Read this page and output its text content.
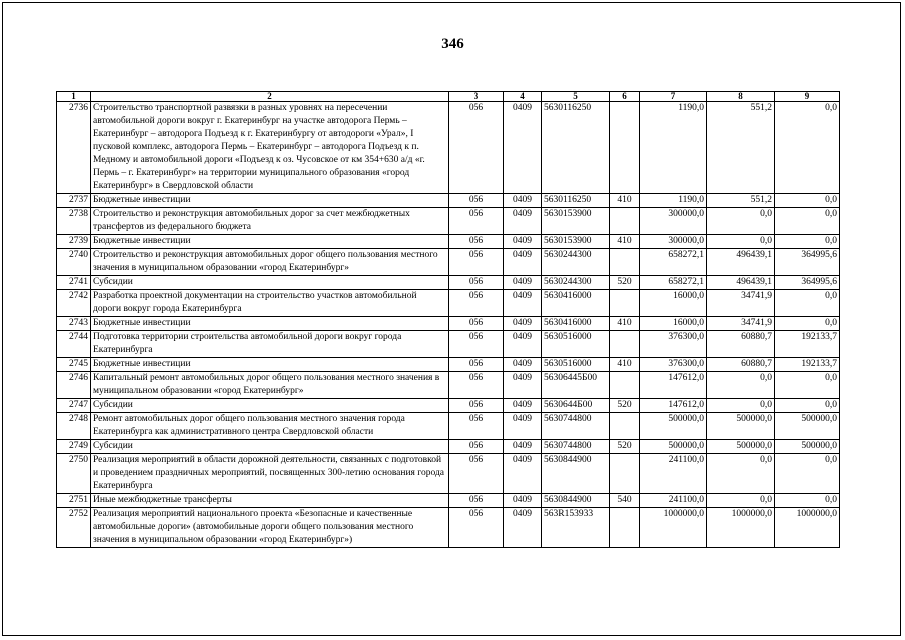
346
1	2	3	4	5	6	7	8	9
2736	Строительство транспортной развязки в разных уровнях на пересечении автомобильной дороги вокруг г. Екатеринбург на участке автодорога Пермь – Екатеринбург – автодорога Подъезд к г. Екатеринбургу от автодороги «Урал», I пусковой комплекс, автодорога Пермь – Екатеринбург – автодорога Подъезд к п. Медному и автомобильной дороги «Подъезд к оз. Чусовское от км 354+630 а/д «г. Пермь – г. Екатеринбург» на территории муниципального образования «город Екатеринбург» в Свердловской области	056	0409	5630116250		1190,0	551,2	0,0
2737	Бюджетные инвестиции	056	0409	5630116250	410	1190,0	551,2	0,0
2738	Строительство и реконструкция автомобильных дорог за счет межбюджетных трансфертов из федерального бюджета	056	0409	5630153900		300000,0	0,0	0,0
2739	Бюджетные инвестиции	056	0409	5630153900	410	300000,0	0,0	0,0
2740	Строительство и реконструкция автомобильных дорог общего пользования местного значения в муниципальном образовании «город Екатеринбург»	056	0409	5630244300		658272,1	496439,1	364995,6
2741	Субсидии	056	0409	5630244300	520	658272,1	496439,1	364995,6
2742	Разработка проектной документации на строительство участков автомобильной дороги вокруг города Екатеринбурга	056	0409	5630416000		16000,0	34741,9	0,0
2743	Бюджетные инвестиции	056	0409	5630416000	410	16000,0	34741,9	0,0
2744	Подготовка территории строительства автомобильной дороги вокруг города Екатеринбурга	056	0409	5630516000		376300,0	60880,7	192133,7
2745	Бюджетные инвестиции	056	0409	5630516000	410	376300,0	60880,7	192133,7
2746	Капитальный ремонт автомобильных дорог общего пользования местного значения в муниципальном образовании «город Екатеринбург»	056	0409	56306445Б00		147612,0	0,0	0,0
2747	Субсидии	056	0409	5630644Б00	520	147612,0	0,0	0,0
2748	Ремонт автомобильных дорог общего пользования местного значения города Екатеринбурга как административного центра Свердловской области	056	0409	5630744800		500000,0	500000,0	500000,0
2749	Субсидии	056	0409	5630744800	520	500000,0	500000,0	500000,0
2750	Реализация мероприятий в области дорожной деятельности, связанных с подготовкой и проведением праздничных мероприятий, посвященных 300-летию основания города Екатеринбурга	056	0409	5630844900		241100,0	0,0	0,0
2751	Иные межбюджетные трансферты	056	0409	5630844900	540	241100,0	0,0	0,0
2752	Реализация мероприятий национального проекта «Безопасные и качественные автомобильные дороги» (автомобильные дороги общего пользования местного значения в муниципальном образовании «город Екатеринбург»)	056	0409	563R153933		1000000,0	1000000,0	1000000,0
